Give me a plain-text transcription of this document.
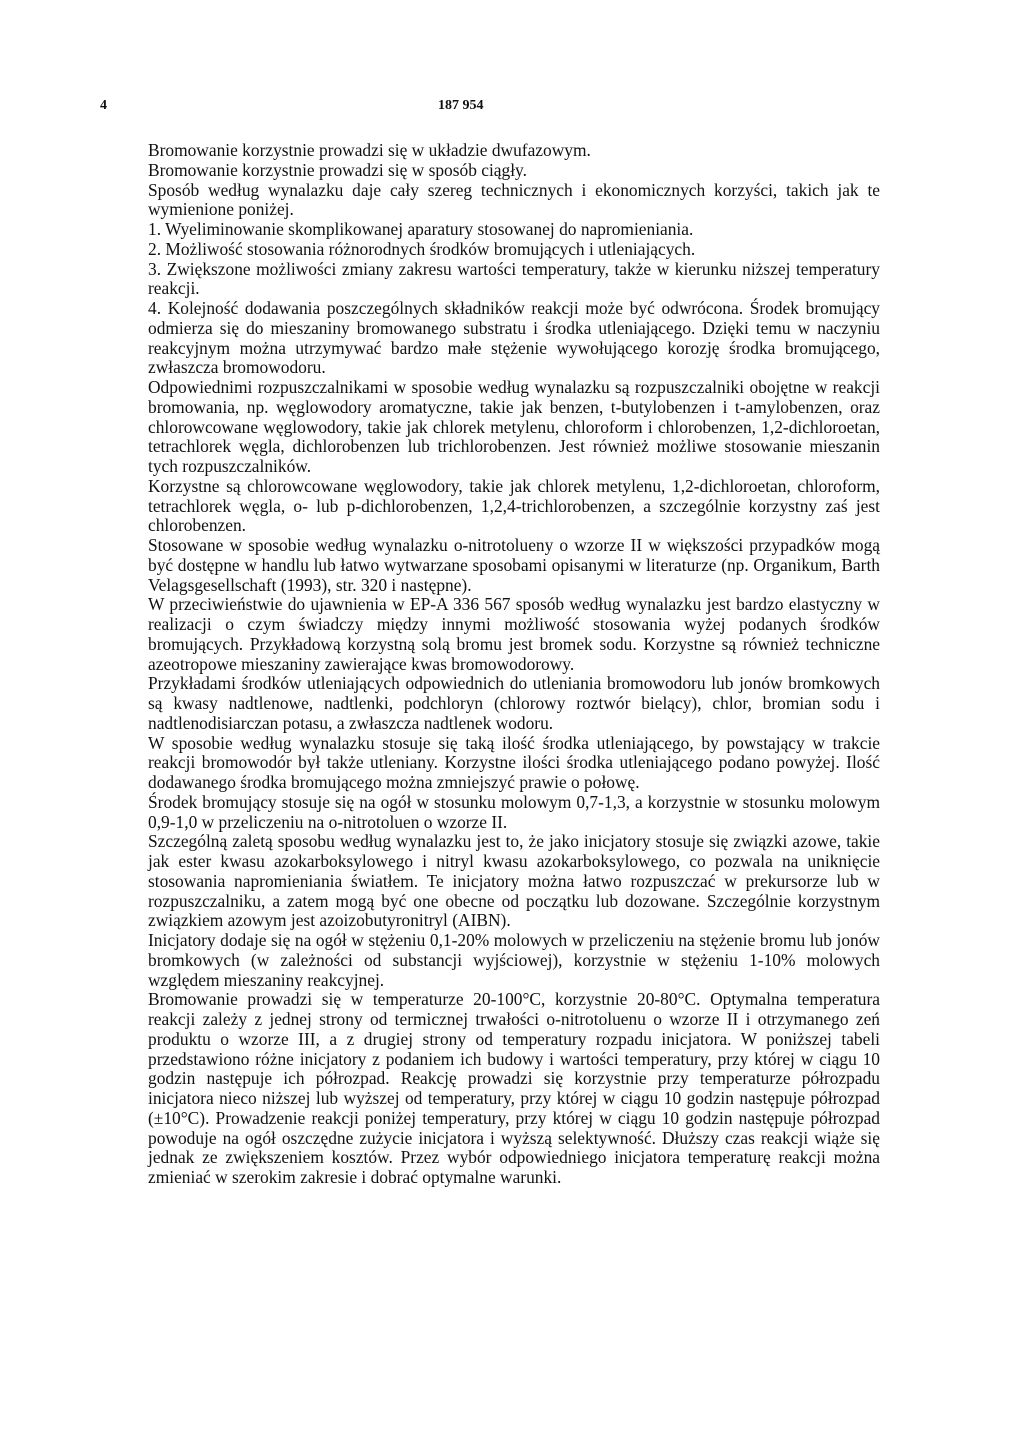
4	187 954

Bromowanie korzystnie prowadzi się w układzie dwufazowym.

Bromowanie korzystnie prowadzi się w sposób ciągły.

Sposób według wynalazku daje cały szereg technicznych i ekonomicznych korzyści, takich jak te wymienione poniżej.

1. Wyeliminowanie skomplikowanej aparatury stosowanej do napromieniania.

2. Możliwość stosowania różnorodnych środków bromujących i utleniających.

3. Zwiększone możliwości zmiany zakresu wartości temperatury, także w kierunku niższej temperatury reakcji.

4. Kolejność dodawania poszczególnych składników reakcji może być odwrócona. Środek bromujący odmierza się do mieszaniny bromowanego substratu i środka utleniającego. Dzięki temu w naczyniu reakcyjnym można utrzymywać bardzo małe stężenie wywołującego korozję środka bromującego, zwłaszcza bromowodoru.

Odpowiednimi rozpuszczalnikami w sposobie według wynalazku są rozpuszczalniki obojętne w reakcji bromowania, np. węglowodory aromatyczne, takie jak benzen, t-butylobenzen i t-amylobenzen, oraz chlorowcowane węglowodory, takie jak chlorek metylenu, chloroform i chlorobenzen, 1,2-dichloroetan, tetrachlorek węgla, dichlorobenzen lub trichlorobenzen. Jest również możliwe stosowanie mieszanin tych rozpuszczalników.

Korzystne są chlorowcowane węglowodory, takie jak chlorek metylenu, 1,2-dichloroetan, chloroform, tetrachlorek węgla, o- lub p-dichlorobenzen, 1,2,4-trichlorobenzen, a szczególnie korzystny zaś jest chlorobenzen.

Stosowane w sposobie według wynalazku o-nitrotolueny o wzorze II w większości przypadków mogą być dostępne w handlu lub łatwo wytwarzane sposobami opisanymi w literaturze (np. Organikum, Barth Velagsgesellschaft (1993), str. 320 i następne).

W przeciwieństwie do ujawnienia w EP-A 336 567 sposób według wynalazku jest bardzo elastyczny w realizacji o czym świadczy między innymi możliwość stosowania wyżej podanych środków bromujących. Przykładową korzystną solą bromu jest bromek sodu. Korzystne są również techniczne azeotropowe mieszaniny zawierające kwas bromowodorowy.

Przykładami środków utleniających odpowiednich do utleniania bromowodoru lub jonów bromkowych są kwasy nadtlenowe, nadtlenki, podchloryn (chlorowy roztwór bielący), chlor, bromian sodu i nadtlenodisiarczan potasu, a zwłaszcza nadtlenek wodoru.

W sposobie według wynalazku stosuje się taką ilość środka utleniającego, by powstający w trakcie reakcji bromowodór był także utleniany. Korzystne ilości środka utleniającego podano powyżej. Ilość dodawanego środka bromującego można zmniejszyć prawie o połowę.

Środek bromujący stosuje się na ogół w stosunku molowym 0,7-1,3, a korzystnie w stosunku molowym 0,9-1,0 w przeliczeniu na o-nitrotoluen o wzorze II.

Szczególną zaletą sposobu według wynalazku jest to, że jako inicjatory stosuje się związki azowe, takie jak ester kwasu azokarboksylowego i nitryl kwasu azokarboksylowego, co pozwala na uniknięcie stosowania napromieniania światłem. Te inicjatory można łatwo rozpuszczać w prekursorze lub w rozpuszczalniku, a zatem mogą być one obecne od początku lub dozowane. Szczególnie korzystnym związkiem azowym jest azoizobutyronitryl (AIBN).

Inicjatory dodaje się na ogół w stężeniu 0,1-20% molowych w przeliczeniu na stężenie bromu lub jonów bromkowych (w zależności od substancji wyjściowej), korzystnie w stężeniu 1-10% molowych względem mieszaniny reakcyjnej.

Bromowanie prowadzi się w temperaturze 20-100°C, korzystnie 20-80°C. Optymalna temperatura reakcji zależy z jednej strony od termicznej trwałości o-nitrotoluenu o wzorze II i otrzymanego zeń produktu o wzorze III, a z drugiej strony od temperatury rozpadu inicjatora. W poniższej tabeli przedstawiono różne inicjatory z podaniem ich budowy i wartości temperatury, przy której w ciągu 10 godzin następuje ich półrozpad. Reakcję prowadzi się korzystnie przy temperaturze półrozpadu inicjatora nieco niższej lub wyższej od temperatury, przy której w ciągu 10 godzin następuje półrozpad (±10°C). Prowadzenie reakcji poniżej temperatury, przy której w ciągu 10 godzin następuje półrozpad powoduje na ogół oszczędne zużycie inicjatora i wyższą selektywność. Dłuższy czas reakcji wiąże się jednak ze zwiększeniem kosztów. Przez wybór odpowiedniego inicjatora temperaturę reakcji można zmieniać w szerokim zakresie i dobrać optymalne warunki.
